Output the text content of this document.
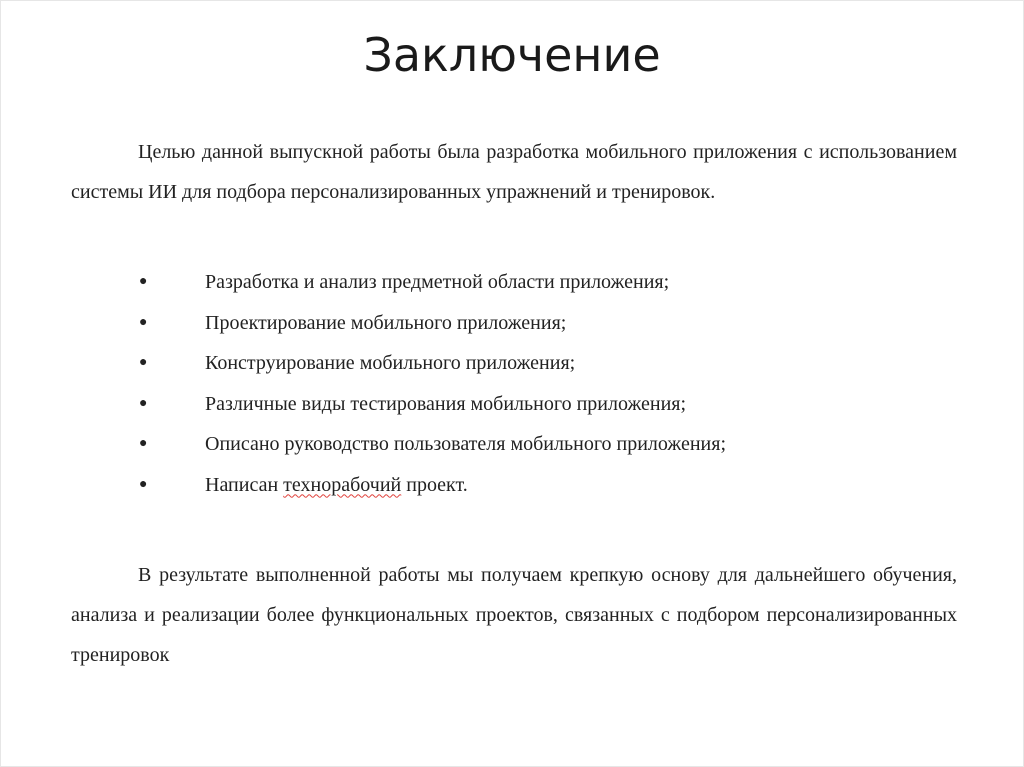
Заключение

Целью данной выпускной работы была разработка мобильного приложения с использованием системы ИИ для подбора персонализированных упражнений и тренировок.

●	Разработка и анализ предметной области приложения;
●	Проектирование мобильного приложения;
●	Конструирование мобильного приложения;
●	Различные виды тестирования мобильного приложения;
●	Описано руководство пользователя мобильного приложения;
●	Написан технорабочий проект.

В результате выполненной работы мы получаем крепкую основу для дальнейшего обучения, анализа и реализации более функциональных проектов, связанных с подбором персонализированных тренировок
